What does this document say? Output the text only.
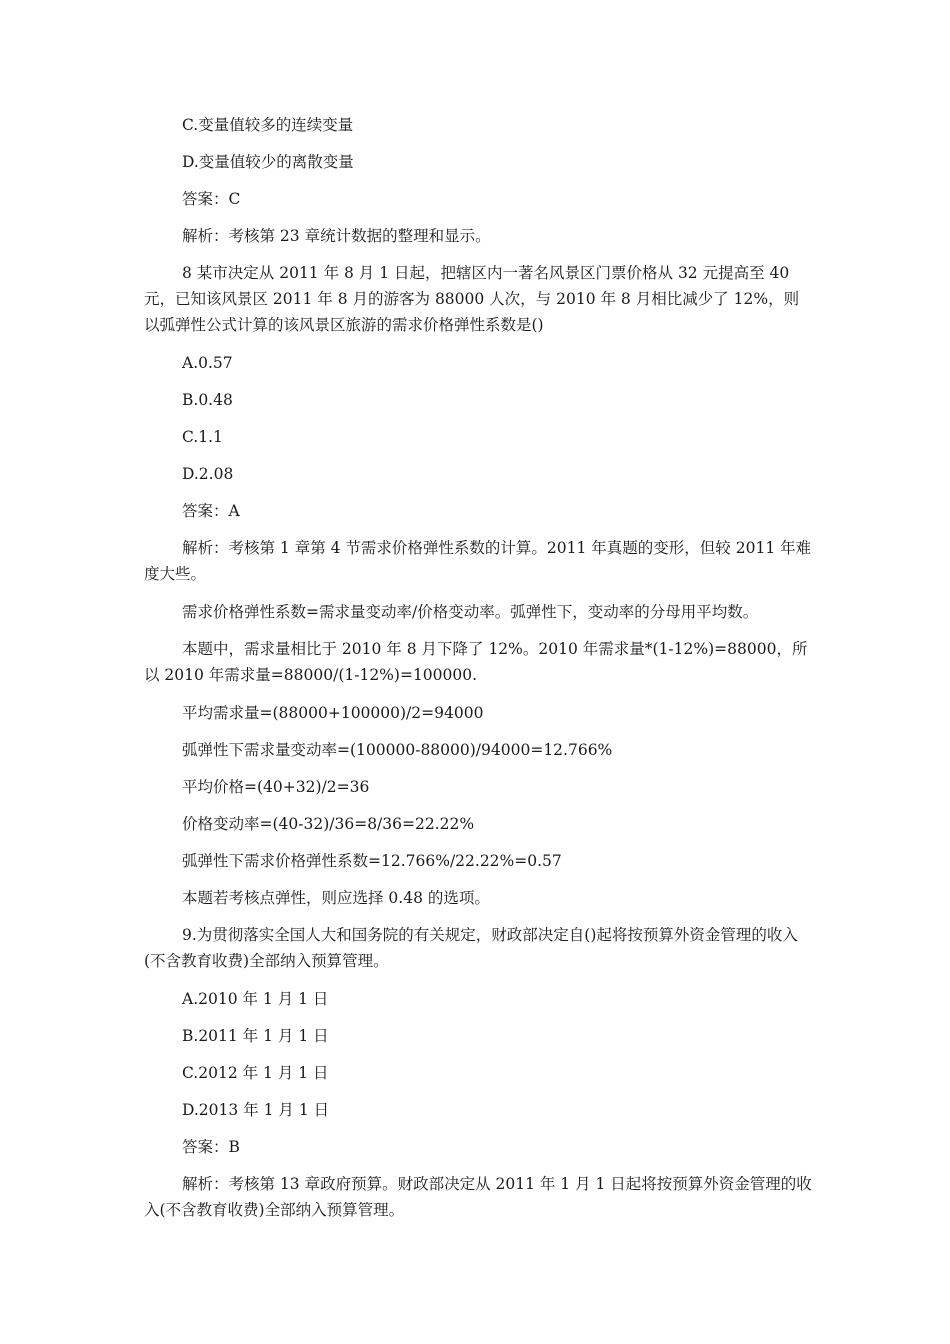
C.变量值较多的连续变量

D.变量值较少的离散变量

答案：C

解析：考核第 23 章统计数据的整理和显示。

8 某市决定从 2011 年 8 月 1 日起，把辖区内一著名风景区门票价格从 32 元提高至 40 元，已知该风景区 2011 年 8 月的游客为 88000 人次，与 2010 年 8 月相比减少了 12%，则以弧弹性公式计算的该风景区旅游的需求价格弹性系数是()

A.0.57

B.0.48

C.1.1

D.2.08

答案：A

解析：考核第 1 章第 4 节需求价格弹性系数的计算。2011 年真题的变形，但较 2011 年难度大些。

需求价格弹性系数=需求量变动率/价格变动率。弧弹性下，变动率的分母用平均数。

本题中，需求量相比于 2010 年 8 月下降了 12%。2010 年需求量*(1-12%)=88000，所以 2010 年需求量=88000/(1-12%)=100000.

平均需求量=(88000+100000)/2=94000

弧弹性下需求量变动率=(100000-88000)/94000=12.766%

平均价格=(40+32)/2=36

价格变动率=(40-32)/36=8/36=22.22%

弧弹性下需求价格弹性系数=12.766%/22.22%=0.57

本题若考核点弹性，则应选择 0.48 的选项。

9.为贯彻落实全国人大和国务院的有关规定，财政部决定自()起将按预算外资金管理的收入(不含教育收费)全部纳入预算管理。

A.2010 年 1 月 1 日

B.2011 年 1 月 1 日

C.2012 年 1 月 1 日

D.2013 年 1 月 1 日

答案：B

解析：考核第 13 章政府预算。财政部决定从 2011 年 1 月 1 日起将按预算外资金管理的收入(不含教育收费)全部纳入预算管理。
